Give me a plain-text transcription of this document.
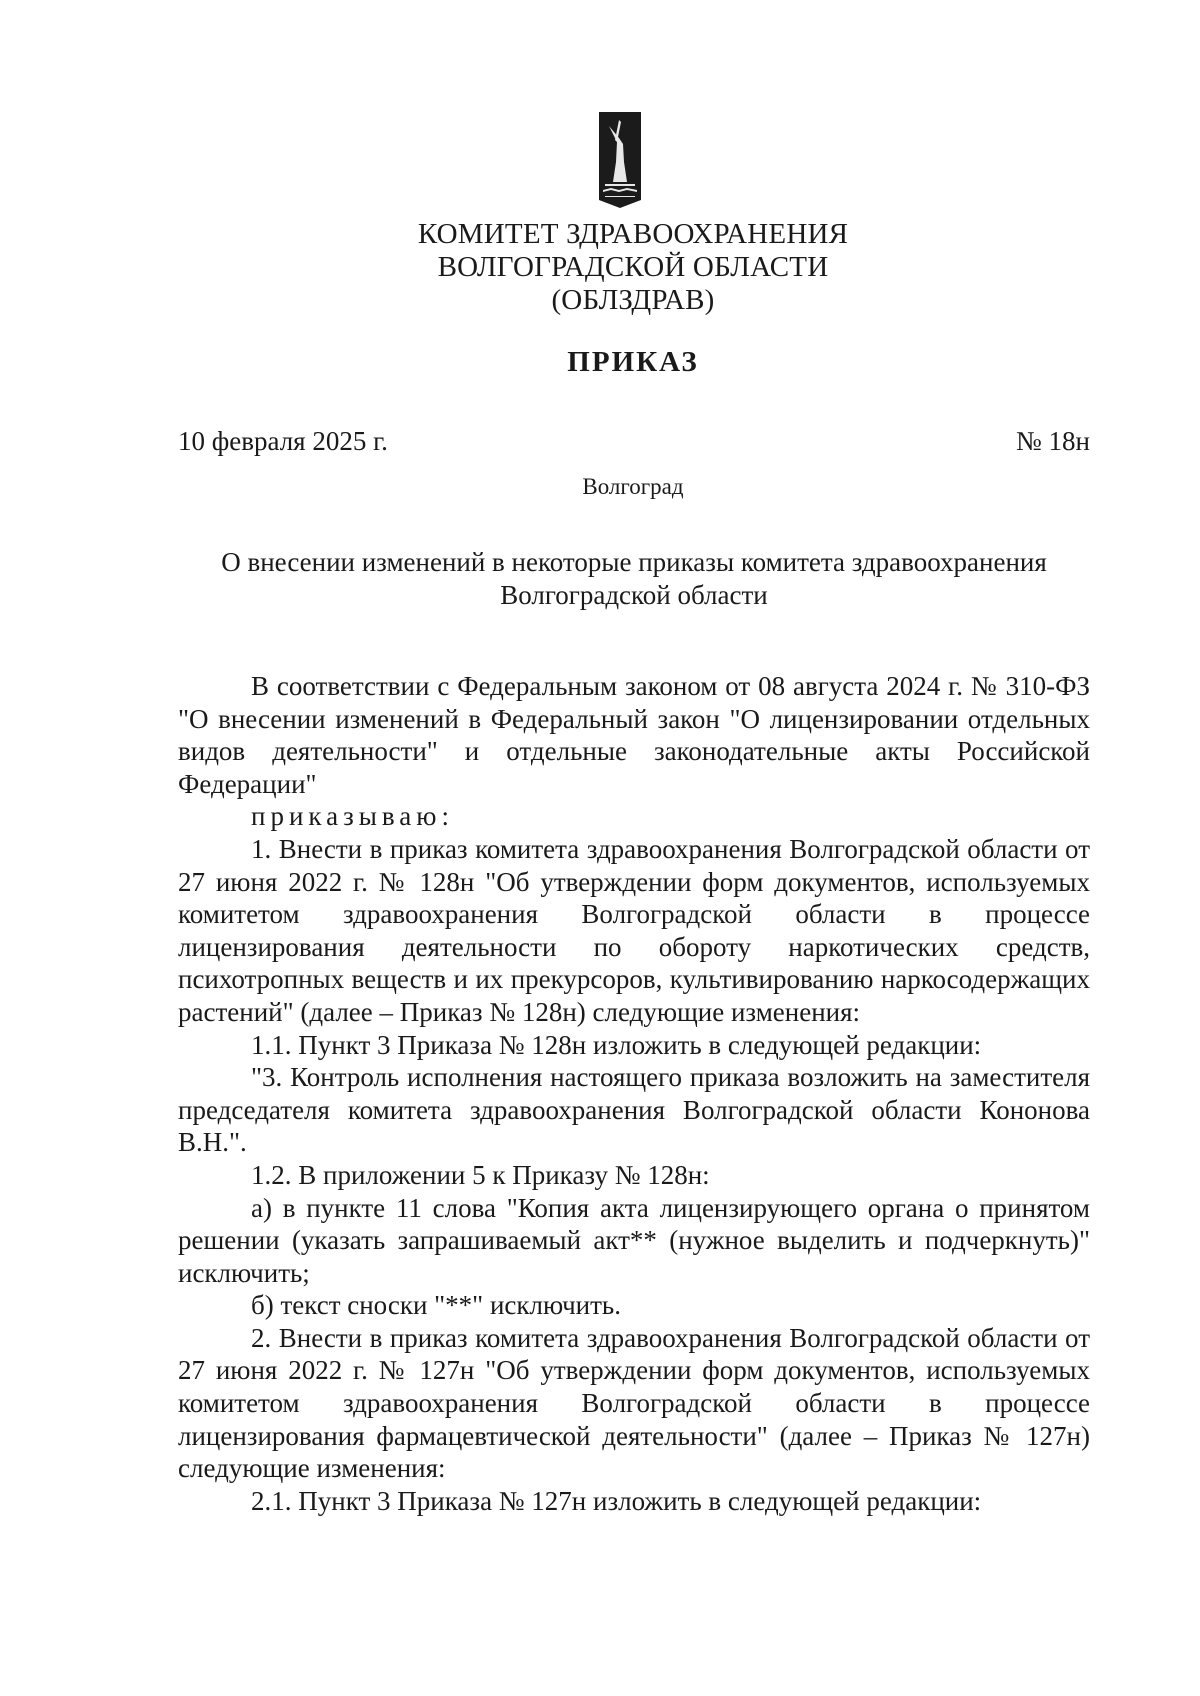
КОМИТЕТ ЗДРАВООХРАНЕНИЯ

ВОЛГОГРАДСКОЙ ОБЛАСТИ

(ОБЛЗДРАВ)

ПРИКАЗ

10 февраля 2025 г.	№ 18н

Волгоград

О внесении изменений в некоторые приказы комитета здравоохранения Волгоградской области

В соответствии с Федеральным законом от 08 августа 2024 г. № 310-ФЗ "О внесении изменений в Федеральный закон "О лицензировании отдельных видов деятельности" и отдельные законодательные акты Российской Федерации"

приказываю:

1. Внести в приказ комитета здравоохранения Волгоградской области от 27 июня 2022 г. № 128н "Об утверждении форм документов, используемых комитетом здравоохранения Волгоградской области в процессе лицензирования деятельности по обороту наркотических средств, психотропных веществ и их прекурсоров, культивированию наркосодержащих растений" (далее – Приказ № 128н) следующие изменения:

1.1. Пункт 3 Приказа № 128н изложить в следующей редакции:

"3. Контроль исполнения настоящего приказа возложить на заместителя председателя комитета здравоохранения Волгоградской области Кононова В.Н.".

1.2. В приложении 5 к Приказу № 128н:

а) в пункте 11 слова "Копия акта лицензирующего органа о принятом решении (указать запрашиваемый акт** (нужное выделить и подчеркнуть)" исключить;

б) текст сноски "**" исключить.

2. Внести в приказ комитета здравоохранения Волгоградской области от 27 июня 2022 г. № 127н "Об утверждении форм документов, используемых комитетом здравоохранения Волгоградской области в процессе лицензирования фармацевтической деятельности" (далее – Приказ № 127н) следующие изменения:

2.1. Пункт 3 Приказа № 127н изложить в следующей редакции:
